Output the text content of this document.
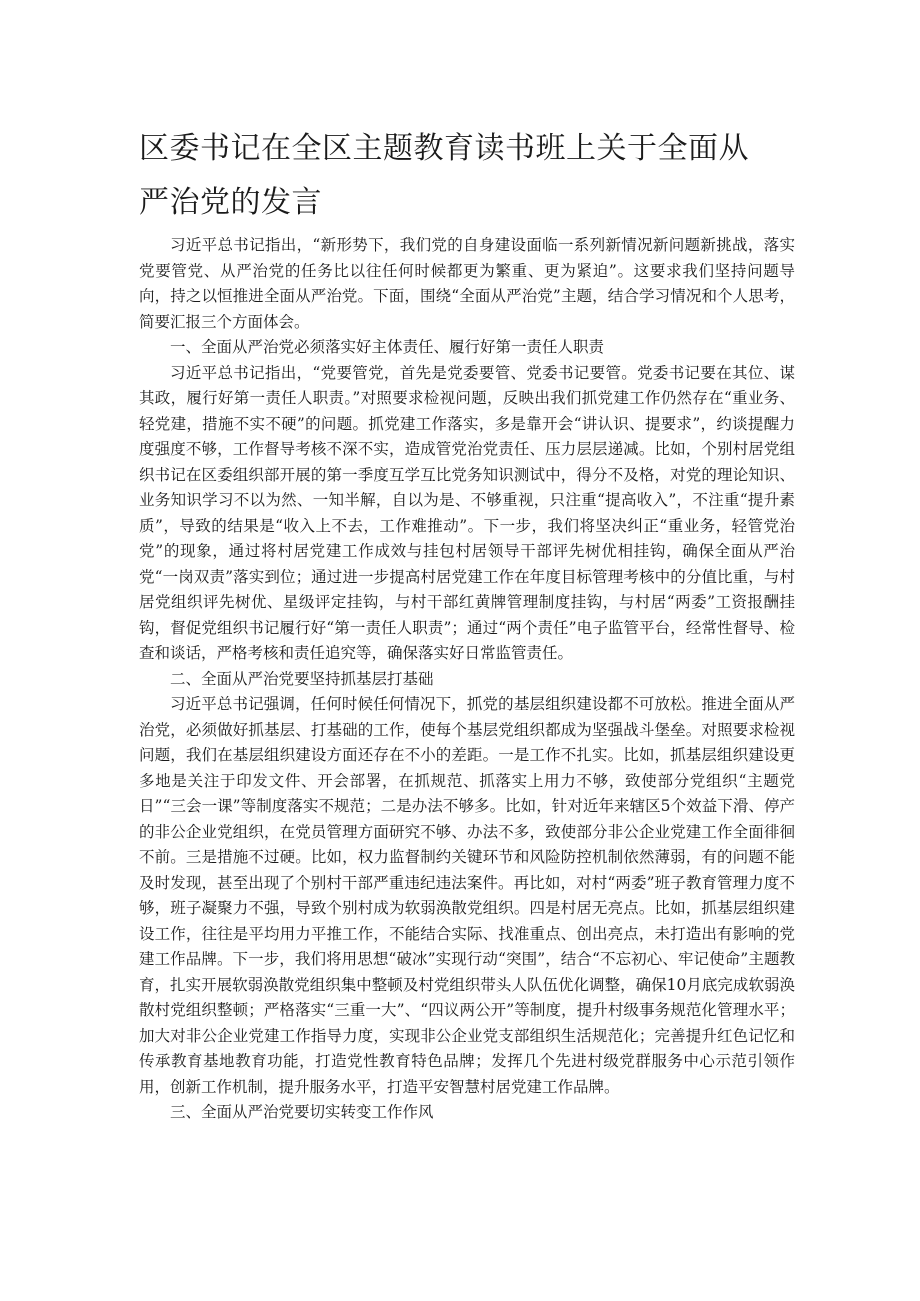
区委书记在全区主题教育读书班上关于全面从严治党的发言

习近平总书记指出，“新形势下，我们党的自身建设面临一系列新情况新问题新挑战，落实党要管党、从严治党的任务比以往任何时候都更为繁重、更为紧迫”。这要求我们坚持问题导向，持之以恒推进全面从严治党。下面，围绕“全面从严治党”主题，结合学习情况和个人思考，简要汇报三个方面体会。

一、全面从严治党必须落实好主体责任、履行好第一责任人职责

习近平总书记指出，“党要管党，首先是党委要管、党委书记要管。党委书记要在其位、谋其政，履行好第一责任人职责。”对照要求检视问题，反映出我们抓党建工作仍然存在“重业务、轻党建，措施不实不硬”的问题。抓党建工作落实，多是靠开会“讲认识、提要求”，约谈提醒力度强度不够，工作督导考核不深不实，造成管党治党责任、压力层层递减。比如，个别村居党组织书记在区委组织部开展的第一季度互学互比党务知识测试中，得分不及格，对党的理论知识、业务知识学习不以为然、一知半解，自以为是、不够重视，只注重“提高收入”，不注重“提升素质”，导致的结果是“收入上不去，工作难推动”。下一步，我们将坚决纠正“重业务，轻管党治党”的现象，通过将村居党建工作成效与挂包村居领导干部评先树优相挂钩，确保全面从严治党“一岗双责”落实到位；通过进一步提高村居党建工作在年度目标管理考核中的分值比重，与村居党组织评先树优、星级评定挂钩，与村干部红黄牌管理制度挂钩，与村居“两委”工资报酬挂钩，督促党组织书记履行好“第一责任人职责”；通过“两个责任”电子监管平台，经常性督导、检查和谈话，严格考核和责任追究等，确保落实好日常监管责任。

二、全面从严治党要坚持抓基层打基础

习近平总书记强调，任何时候任何情况下，抓党的基层组织建设都不可放松。推进全面从严治党，必须做好抓基层、打基础的工作，使每个基层党组织都成为坚强战斗堡垒。对照要求检视问题，我们在基层组织建设方面还存在不小的差距。一是工作不扎实。比如，抓基层组织建设更多地是关注于印发文件、开会部署，在抓规范、抓落实上用力不够，致使部分党组织“主题党日”“三会一课”等制度落实不规范；二是办法不够多。比如，针对近年来辖区5个效益下滑、停产的非公企业党组织，在党员管理方面研究不够、办法不多，致使部分非公企业党建工作全面徘徊不前。三是措施不过硬。比如，权力监督制约关键环节和风险防控机制依然薄弱，有的问题不能及时发现，甚至出现了个别村干部严重违纪违法案件。再比如，对村“两委”班子教育管理力度不够，班子凝聚力不强，导致个别村成为软弱涣散党组织。四是村居无亮点。比如，抓基层组织建设工作，往往是平均用力平推工作，不能结合实际、找准重点、创出亮点，未打造出有影响的党建工作品牌。下一步，我们将用思想“破冰”实现行动“突围”，结合“不忘初心、牢记使命”主题教育，扎实开展软弱涣散党组织集中整顿及村党组织带头人队伍优化调整，确保10月底完成软弱涣散村党组织整顿；严格落实“三重一大”、“四议两公开”等制度，提升村级事务规范化管理水平；加大对非公企业党建工作指导力度，实现非公企业党支部组织生活规范化；完善提升红色记忆和传承教育基地教育功能，打造党性教育特色品牌；发挥几个先进村级党群服务中心示范引领作用，创新工作机制，提升服务水平，打造平安智慧村居党建工作品牌。

三、全面从严治党要切实转变工作作风
